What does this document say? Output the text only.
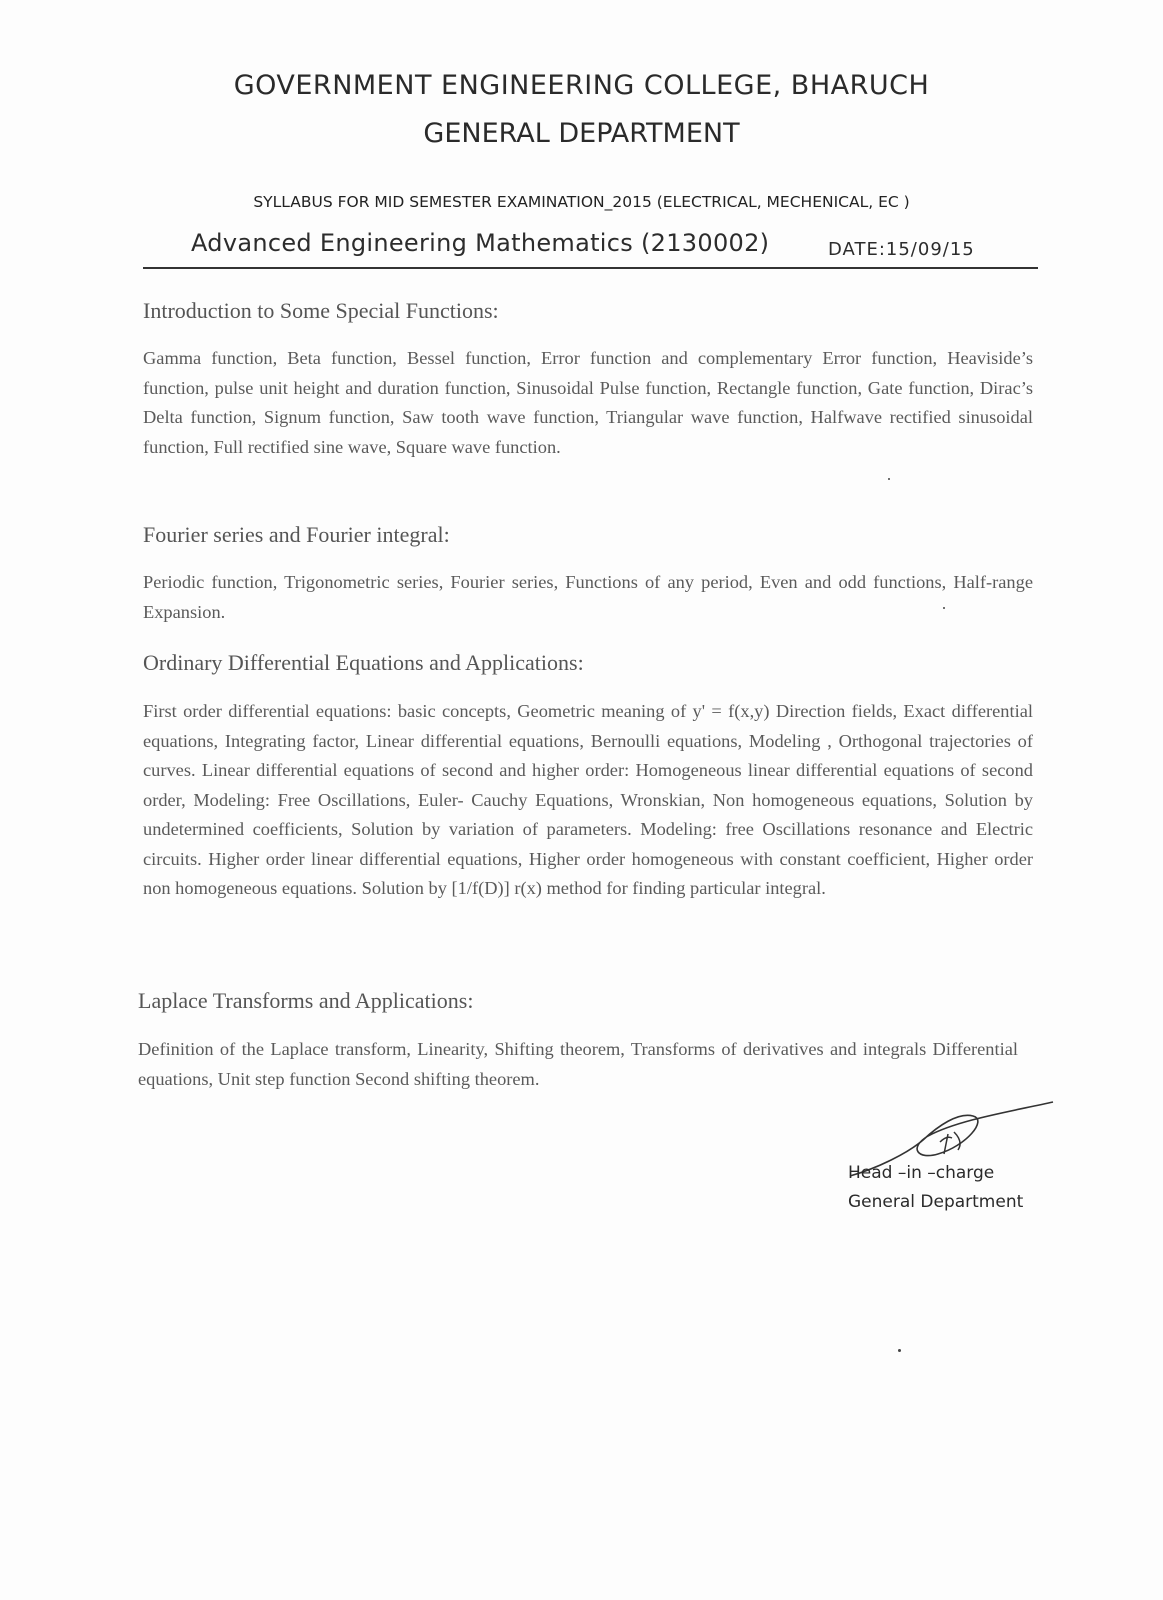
GOVERNMENT ENGINEERING COLLEGE, BHARUCH
GENERAL DEPARTMENT
SYLLABUS FOR MID SEMESTER EXAMINATION_2015 (ELECTRICAL, MECHENICAL, EC )
Advanced Engineering Mathematics (2130002)	DATE:15/09/15
Introduction to Some Special Functions:
Gamma function, Beta function, Bessel function, Error function and complementary Error function, Heaviside’s function, pulse unit height and duration function, Sinusoidal Pulse function, Rectangle function, Gate function, Dirac’s Delta function, Signum function, Saw tooth wave function, Triangular wave function, Halfwave rectified sinusoidal function, Full rectified sine wave, Square wave function.
Fourier series and Fourier integral:
Periodic function, Trigonometric series, Fourier series, Functions of any period, Even and odd functions, Half-range Expansion.
Ordinary Differential Equations and Applications:
First order differential equations: basic concepts, Geometric meaning of y' = f(x,y) Direction fields, Exact differential equations, Integrating factor, Linear differential equations, Bernoulli equations, Modeling , Orthogonal trajectories of curves. Linear differential equations of second and higher order: Homogeneous linear differential equations of second order, Modeling: Free Oscillations, Euler- Cauchy Equations, Wronskian, Non homogeneous equations, Solution by undetermined coefficients, Solution by variation of parameters. Modeling: free Oscillations resonance and Electric circuits. Higher order linear differential equations, Higher order homogeneous with constant coefficient, Higher order non homogeneous equations. Solution by [1/f(D)] r(x) method for finding particular integral.
Laplace Transforms and Applications:
Definition of the Laplace transform, Linearity, Shifting theorem, Transforms of derivatives and integrals Differential equations, Unit step function Second shifting theorem.
Head –in –charge
General Department
